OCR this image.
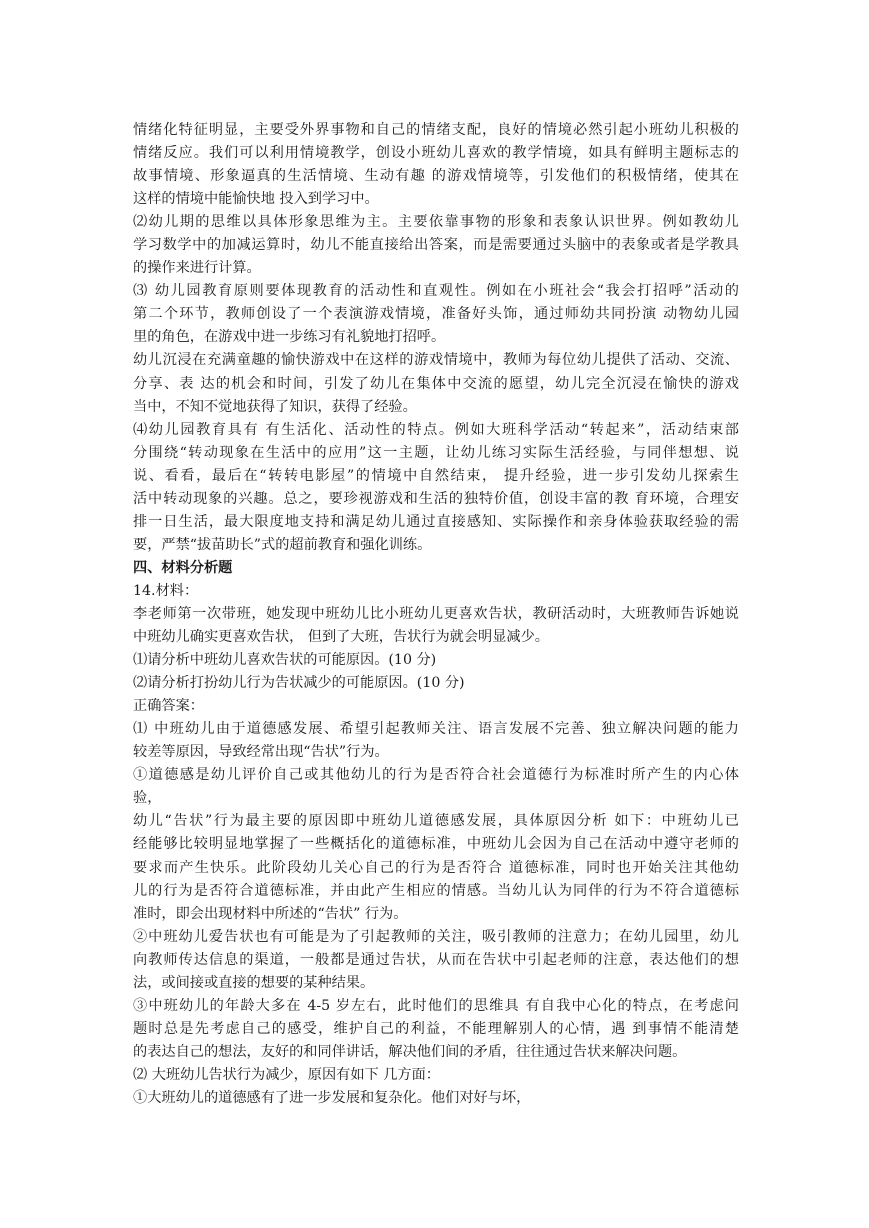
情绪化特征明显，主要受外界事物和自己的情绪支配，良好的情境必然引起小班幼儿积极的
情绪反应。我们可以利用情境教学，创设小班幼儿喜欢的教学情境，如具有鲜明主题标志的
故事情境、形象逼真的生活情境、生动有趣 的游戏情境等，引发他们的积极情绪，使其在
这样的情境中能愉快地 投入到学习中。
⑵幼儿期的思维以具体形象思维为主。主要依靠事物的形象和表象认识世界。例如教幼儿
学习数学中的加减运算时，幼儿不能直接给出答案，而是需要通过头脑中的表象或者是学教具
的操作来进行计算。
⑶ 幼儿园教育原则要体现教育的活动性和直观性。例如在小班社会“我会打招呼”活动的
第二个环节，教师创设了一个表演游戏情境，准备好头饰，通过师幼共同扮演 动物幼儿园
里的角色，在游戏中进一步练习有礼貌地打招呼。
幼儿沉浸在充满童趣的愉快游戏中在这样的游戏情境中，教师为每位幼儿提供了活动、交流、
分享、表 达的机会和时间，引发了幼儿在集体中交流的愿望，幼儿完全沉浸在愉快的游戏
当中，不知不觉地获得了知识，获得了经验。
⑷幼儿园教育具有 有生活化、活动性的特点。例如大班科学活动“转起来”，活动结束部
分围绕“转动现象在生活中的应用”这一主题，让幼儿练习实际生活经验，与同伴想想、说
说、看看，最后在“转转电影屋”的情境中自然结束， 提升经验，进一步引发幼儿探索生
活中转动现象的兴趣。总之，要珍视游戏和生活的独特价值，创设丰富的教 育环境，合理安
排一日生活，最大限度地支持和满足幼儿通过直接感知、实际操作和亲身体验获取经验的需
要，严禁“拔苗助长”式的超前教育和强化训练。
四、材料分析题
14.材料：
李老师第一次带班，她发现中班幼儿比小班幼儿更喜欢告状，教研活动时，大班教师告诉她说
中班幼儿确实更喜欢告状， 但到了大班，告状行为就会明显减少。
⑴请分析中班幼儿喜欢告状的可能原因。(10 分)
⑵请分析打扮幼儿行为告状减少的可能原因。(10 分)
正确答案：
⑴ 中班幼儿由于道德感发展、希望引起教师关注、语言发展不完善、独立解决问题的能力
较差等原因，导致经常出现“告状”行为。
①道德感是幼儿评价自己或其他幼儿的行为是否符合社会道德行为标准时所产生的内心体
验，
幼儿“告状”行为最主要的原因即中班幼儿道德感发展，具体原因分析 如下：中班幼儿已
经能够比较明显地掌握了一些概括化的道德标准，中班幼儿会因为自己在活动中遵守老师的
要求而产生快乐。此阶段幼儿关心自己的行为是否符合 道德标准，同时也开始关注其他幼
儿的行为是否符合道德标准，并由此产生相应的情感。当幼儿认为同伴的行为不符合道德标
准时，即会出现材料中所述的“告状” 行为。
②中班幼儿爱告状也有可能是为了引起教师的关注，吸引教师的注意力；在幼儿园里，幼儿
向教师传达信息的渠道，一般都是通过告状，从而在告状中引起老师的注意，表达他们的想
法，或间接或直接的想要的某种结果。
③中班幼儿的年龄大多在 4-5 岁左右，此时他们的思维具 有自我中心化的特点，在考虑问
题时总是先考虑自己的感受，维护自己的利益，不能理解别人的心情，遇 到事情不能清楚
的表达自己的想法，友好的和同伴讲话，解决他们间的矛盾，往往通过告状来解决问题。
⑵ 大班幼儿告状行为减少，原因有如下 几方面：
①大班幼儿的道德感有了进一步发展和复杂化。他们对好与坏，
